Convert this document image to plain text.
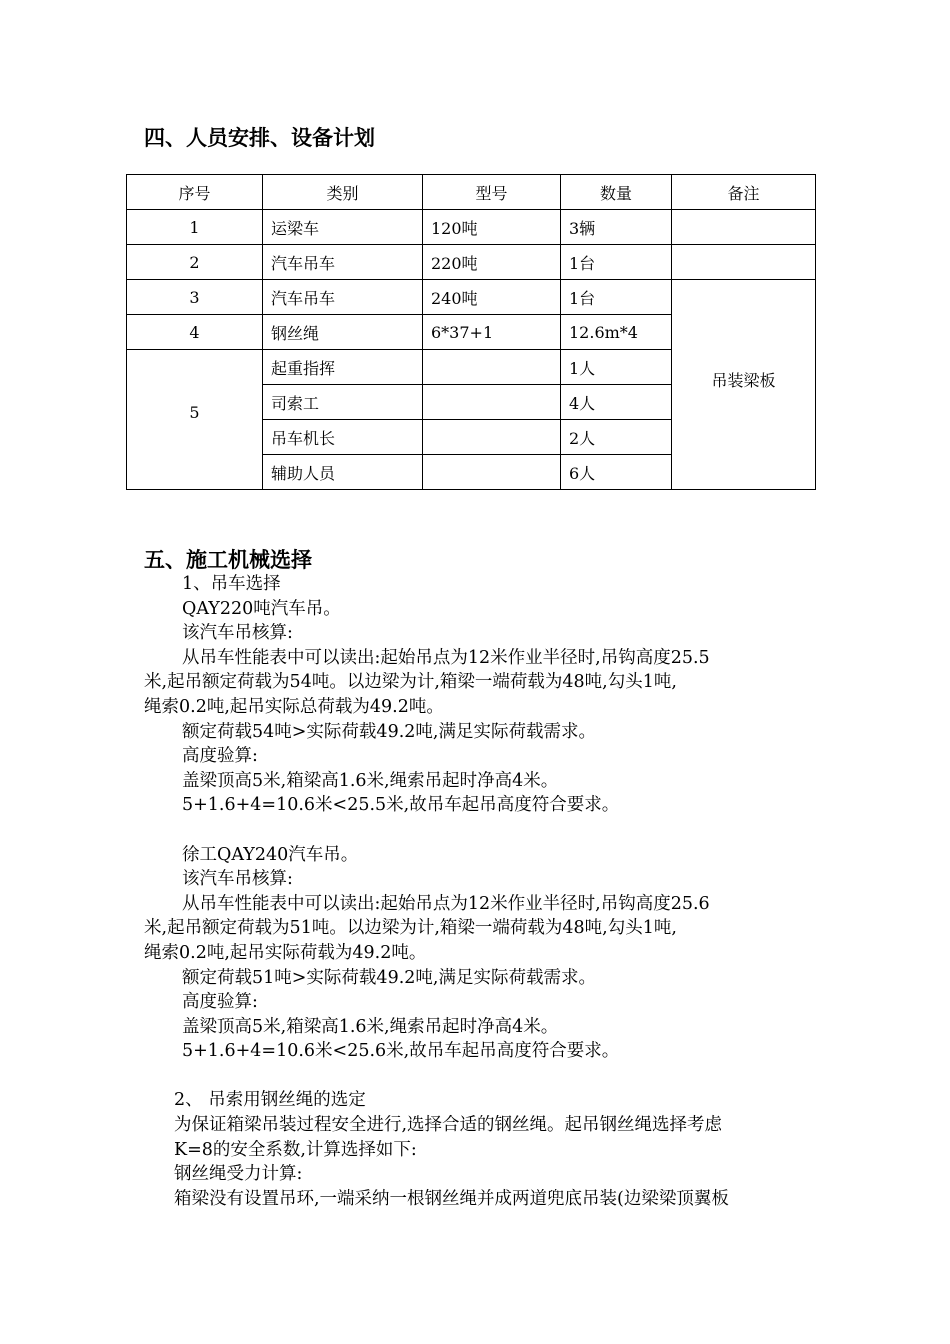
四、人员安排、设备计划
序号	类别	型号	数量	备注
1	运梁车	120吨	3辆	
2	汽车吊车	220吨	1台	
3	汽车吊车	240吨	1台	吊装梁板
4	钢丝绳	6*37+1	12.6m*4	
5	起重指挥		1人	
	司索工		4人	
	吊车机长		2人	
	辅助人员		6人	
五、施工机械选择
1、吊车选择
QAY220吨汽车吊。
该汽车吊核算:
从吊车性能表中可以读出:起始吊点为12米作业半径时,吊钩高度25.5
米,起吊额定荷载为54吨。以边梁为计,箱梁一端荷载为48吨,勾头1吨,
绳索0.2吨,起吊实际总荷载为49.2吨。
额定荷载54吨>实际荷载49.2吨,满足实际荷载需求。
高度验算:
盖梁顶高5米,箱梁高1.6米,绳索吊起时净高4米。
5+1.6+4=10.6米<25.5米,故吊车起吊高度符合要求。
徐工QAY240汽车吊。
该汽车吊核算:
从吊车性能表中可以读出:起始吊点为12米作业半径时,吊钩高度25.6
米,起吊额定荷载为51吨。以边梁为计,箱梁一端荷载为48吨,勾头1吨,
绳索0.2吨,起吊实际荷载为49.2吨。
额定荷载51吨>实际荷载49.2吨,满足实际荷载需求。
高度验算:
盖梁顶高5米,箱梁高1.6米,绳索吊起时净高4米。
5+1.6+4=10.6米<25.6米,故吊车起吊高度符合要求。
2、 吊索用钢丝绳的选定
为保证箱梁吊装过程安全进行,选择合适的钢丝绳。起吊钢丝绳选择考虑
K=8的安全系数,计算选择如下:
钢丝绳受力计算:
箱梁没有设置吊环,一端采纳一根钢丝绳并成两道兜底吊装(边梁梁顶翼板
